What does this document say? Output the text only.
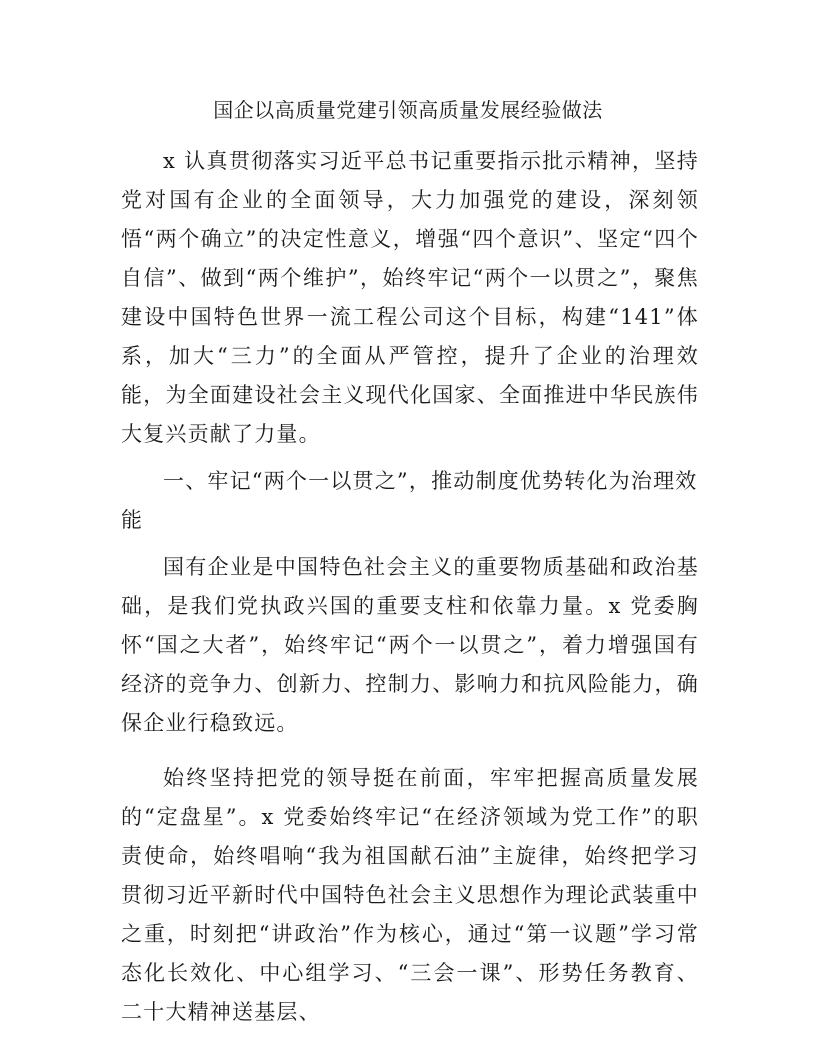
国企以高质量党建引领高质量发展经验做法

x 认真贯彻落实习近平总书记重要指示批示精神，坚持党对国有企业的全面领导，大力加强党的建设，深刻领悟“两个确立”的决定性意义，增强“四个意识”、坚定“四个自信”、做到“两个维护”，始终牢记“两个一以贯之”，聚焦建设中国特色世界一流工程公司这个目标，构建“141”体系，加大“三力”的全面从严管控，提升了企业的治理效能，为全面建设社会主义现代化国家、全面推进中华民族伟大复兴贡献了力量。

一、牢记“两个一以贯之”，推动制度优势转化为治理效能

国有企业是中国特色社会主义的重要物质基础和政治基础，是我们党执政兴国的重要支柱和依靠力量。x 党委胸怀“国之大者”，始终牢记“两个一以贯之”，着力增强国有经济的竞争力、创新力、控制力、影响力和抗风险能力，确保企业行稳致远。

始终坚持把党的领导挺在前面，牢牢把握高质量发展的“定盘星”。x 党委始终牢记“在经济领域为党工作”的职责使命，始终唱响“我为祖国献石油”主旋律，始终把学习贯彻习近平新时代中国特色社会主义思想作为理论武装重中之重，时刻把“讲政治”作为核心，通过“第一议题”学习常态化长效化、中心组学习、“三会一课”、形势任务教育、二十大精神送基层、
